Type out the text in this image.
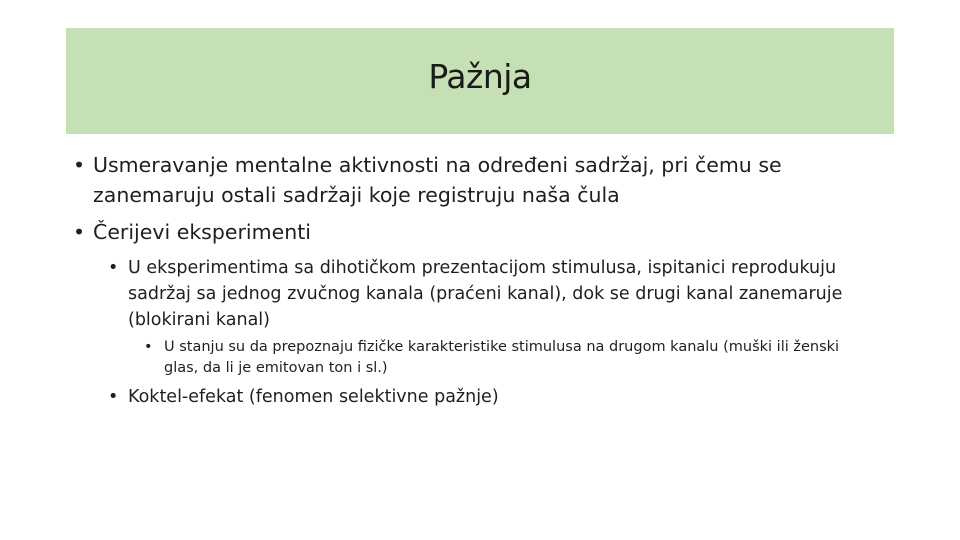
Pažnja
• Usmeravanje mentalne aktivnosti na određeni sadržaj, pri čemu se zanemaruju ostali sadržaji koje registruju naša čula
• Čerijevi eksperimenti
• U eksperimentima sa dihotičkom prezentacijom stimulusa, ispitanici reprodukuju sadržaj sa jednog zvučnog kanala (praćeni kanal), dok se drugi kanal zanemaruje (blokirani kanal)
• U stanju su da prepoznaju fizičke karakteristike stimulusa na drugom kanalu (muški ili ženski glas, da li je emitovan ton i sl.)
• Koktel-efekat (fenomen selektivne pažnje)
